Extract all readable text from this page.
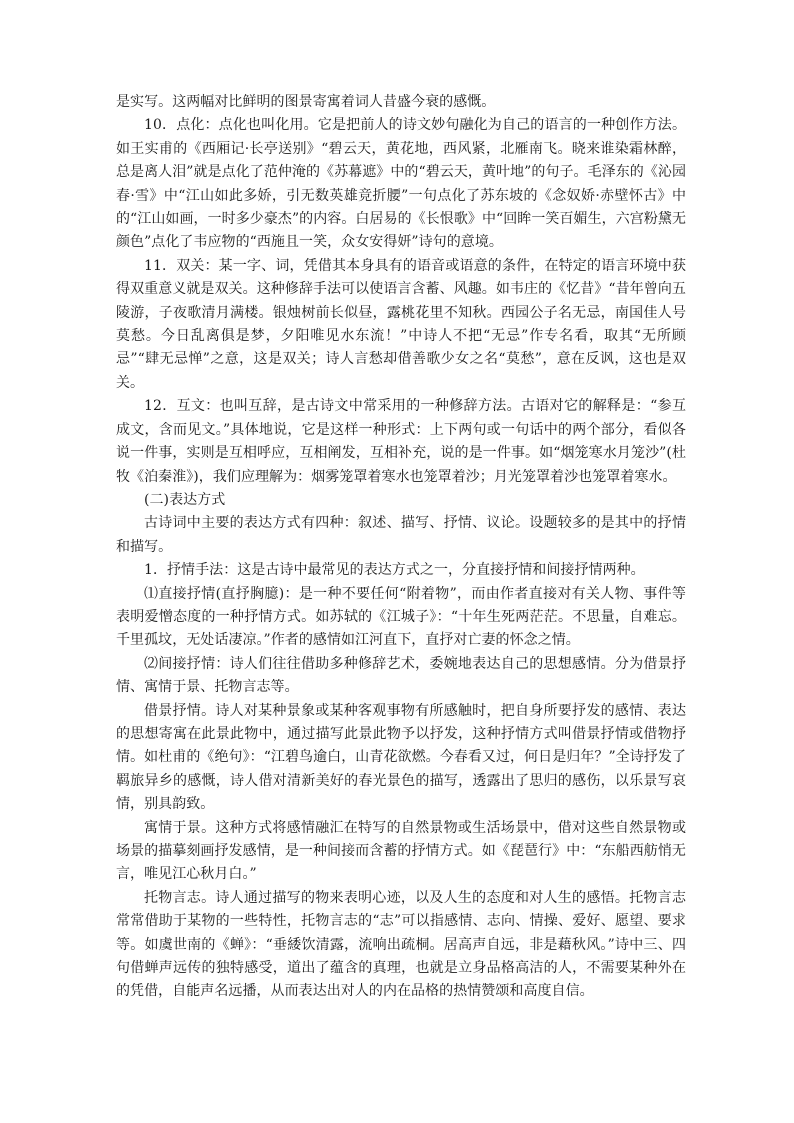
是实写。这两幅对比鲜明的图景寄寓着词人昔盛今衰的感慨。

10．点化：点化也叫化用。它是把前人的诗文妙句融化为自己的语言的一种创作方法。如王实甫的《西厢记·长亭送别》“碧云天，黄花地，西风紧，北雁南飞。晓来谁染霜林醉，总是离人泪”就是点化了范仲淹的《苏幕遮》中的“碧云天，黄叶地”的句子。毛泽东的《沁园春·雪》中“江山如此多娇，引无数英雄竞折腰”一句点化了苏东坡的《念奴娇·赤壁怀古》中的“江山如画，一时多少豪杰”的内容。白居易的《长恨歌》中“回眸一笑百媚生，六宫粉黛无颜色”点化了韦应物的“西施且一笑，众女安得妍”诗句的意境。

11．双关：某一字、词，凭借其本身具有的语音或语意的条件，在特定的语言环境中获得双重意义就是双关。这种修辞手法可以使语言含蓄、风趣。如韦庄的《忆昔》“昔年曾向五陵游，子夜歌清月满楼。银烛树前长似昼，露桃花里不知秋。西园公子名无忌，南国佳人号莫愁。今日乱离俱是梦，夕阳唯见水东流！”中诗人不把“无忌”作专名看，取其“无所顾忌”“肆无忌惮”之意，这是双关；诗人言愁却借善歌少女之名“莫愁”，意在反讽，这也是双关。

12．互文：也叫互辞，是古诗文中常采用的一种修辞方法。古语对它的解释是：“参互成文，含而见文。”具体地说，它是这样一种形式：上下两句或一句话中的两个部分，看似各说一件事，实则是互相呼应，互相阐发，互相补充，说的是一件事。如“烟笼寒水月笼沙”(杜牧《泊秦淮》)，我们应理解为：烟雾笼罩着寒水也笼罩着沙；月光笼罩着沙也笼罩着寒水。

(二)表达方式

古诗词中主要的表达方式有四种：叙述、描写、抒情、议论。设题较多的是其中的抒情和描写。

1．抒情手法：这是古诗中最常见的表达方式之一，分直接抒情和间接抒情两种。

⑴直接抒情(直抒胸臆)：是一种不要任何“附着物”，而由作者直接对有关人物、事件等表明爱憎态度的一种抒情方式。如苏轼的《江城子》：“十年生死两茫茫。不思量，自难忘。千里孤坟，无处话凄凉。”作者的感情如江河直下，直抒对亡妻的怀念之情。

⑵间接抒情：诗人们往往借助多种修辞艺术，委婉地表达自己的思想感情。分为借景抒情、寓情于景、托物言志等。

借景抒情。诗人对某种景象或某种客观事物有所感触时，把自身所要抒发的感情、表达的思想寄寓在此景此物中，通过描写此景此物予以抒发，这种抒情方式叫借景抒情或借物抒情。如杜甫的《绝句》：“江碧鸟逾白，山青花欲燃。今春看又过，何日是归年？”全诗抒发了羁旅异乡的感慨，诗人借对清新美好的春光景色的描写，透露出了思归的感伤，以乐景写哀情，别具韵致。

寓情于景。这种方式将感情融汇在特写的自然景物或生活场景中，借对这些自然景物或场景的描摹刻画抒发感情，是一种间接而含蓄的抒情方式。如《琵琶行》中：“东船西舫悄无言，唯见江心秋月白。”

托物言志。诗人通过描写的物来表明心迹，以及人生的态度和对人生的感悟。托物言志常常借助于某物的一些特性，托物言志的“志”可以指感情、志向、情操、爱好、愿望、要求等。如虞世南的《蝉》：“垂緌饮清露，流响出疏桐。居高声自远，非是藉秋风。”诗中三、四句借蝉声远传的独特感受，道出了蕴含的真理，也就是立身品格高洁的人，不需要某种外在的凭借，自能声名远播，从而表达出对人的内在品格的热情赞颂和高度自信。
